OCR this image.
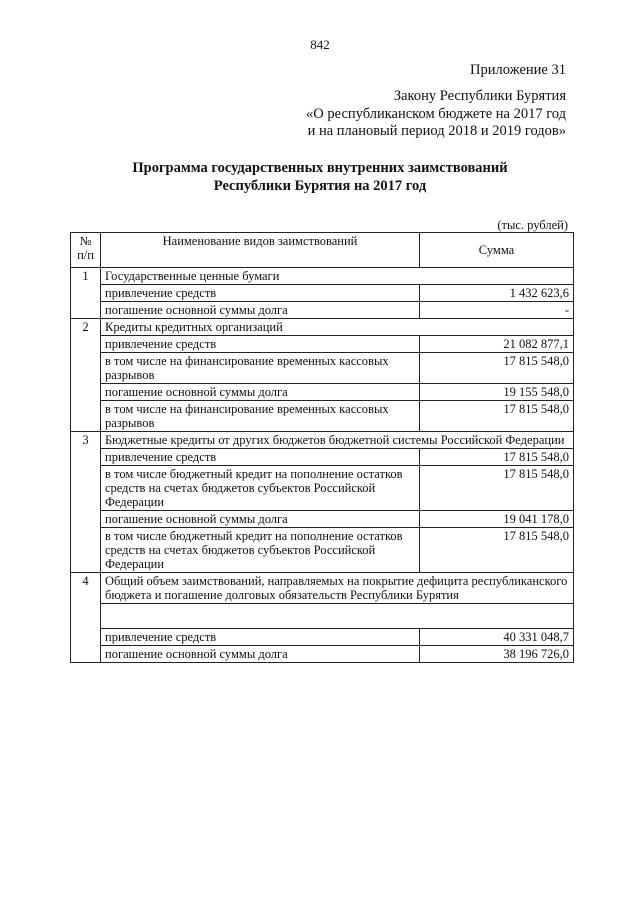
842
Приложение 31
Закону Республики Бурятия
«О республиканском бюджете на 2017 год
и на плановый период 2018 и 2019 годов»
Программа государственных внутренних заимствований
Республики Бурятия на 2017 год
(тыс. рублей)
№ п/п	Наименование видов заимствований	Сумма
1	Государственные ценные бумаги	
	привлечение средств	1 432 623,6
	погашение основной суммы долга	-
2	Кредиты кредитных организаций	
	привлечение средств	21 082 877,1
	в том числе на финансирование временных кассовых разрывов	17 815 548,0
	погашение основной суммы долга	19 155 548,0
	в том числе на финансирование временных кассовых разрывов	17 815 548,0
3	Бюджетные кредиты от других бюджетов бюджетной системы Российской Федерации	
	привлечение средств	17 815 548,0
	в том числе бюджетный кредит на пополнение остатков средств на счетах бюджетов субъектов Российской Федерации	17 815 548,0
	погашение основной суммы долга	19 041 178,0
	в том числе бюджетный кредит на пополнение остатков средств на счетах бюджетов субъектов Российской Федерации	17 815 548,0
4	Общий объем заимствований, направляемых на покрытие дефицита республиканского бюджета и погашение долговых обязательств Республики Бурятия	

	привлечение средств	40 331 048,7
	погашение основной суммы долга	38 196 726,0
